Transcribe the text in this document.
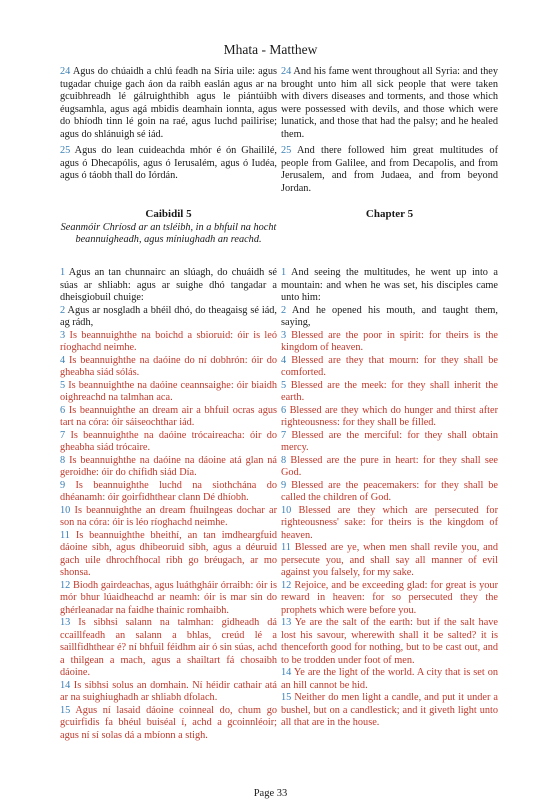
Mhata - Matthew

24 Agus do chúaidh a chlú feadh na Síria uile: agus tugadar chuige gach áon da raibh easlán agus ar na gcuibhreadh lé gálruighthibh agus le piántúibh éugsamhla, agus agá mbidis deamhain ionnta, agus do bhíodh tinn lé goin na raé, agus luchd pailirise; agus do shlánuigh sé iád.

25 Agus do lean cuideachda mhór é ón Ghaililé, agus ó Dhecapólis, agus ó Ierusalém, agus ó Iudéa, agus ó táobh thall do Iórdán.

24 And his fame went throughout all Syria: and they brought unto him all sick people that were taken with divers diseases and torments, and those which were possessed with devils, and those which were lunatick, and those that had the palsy; and he healed them.

25 And there followed him great multitudes of people from Galilee, and from Decapolis, and from Jerusalem, and from Judaea, and from beyond Jordan.

Caibidil 5
Seanmóir Chríosd ar an tsléibh, in a bhfuil na hocht beannuigheadh, agus míniughadh an reachd.
Chapter 5

1 Agus an tan chunnairc an slúagh, do chuáidh sé súas ar shliabh: agus ar suighe dhó tangadar a dheisgiobuil chuige:

2 Agus ar nosgladh a bhéil dhó, do theagaisg sé iád, ag rádh,

3 Is beannuighthe na boichd a sbioruid: óir is leó ríoghachd neimhe.

4 Is beannuighthe na daóine do ní dobhrón: óir do gheabha siád sólás.

5 Is beannuighthe na daóine ceannsaighe: óir biaidh oighreachd na talmhan aca.

6 Is beannuighthe an dream air a bhfuil ocras agus tart na córa: óir sáiseochthar iád.

7 Is beannuighthe na daóine trócaireacha: óir do gheabha siád trócaire.

8 Is beannuighthe na daóine na dáoine atá glan ná geroidhe: óir do chífidh siád Día.

9 Is beannuighthe luchd na siothchána do dhéanamh: óir goirfidhthear clann Dé dhíobh.

10 Is beannuighthe an dream fhuilngeas dochar ar son na córa: óir is léo ríoghachd neimhe.

11 Is beannuighthe bheithí, an tan imdheargfuid dáoine sibh, agus dhibeoruid sibh, agus a déuruid gach uile dhrochfhocal ribh go bréugach, ar mo shonsa.

12 Biodh gairdeachas, agus luáthgháir órraibh: óir is mór bhur lúaidheachd ar neamh: óir is mar sin do ghérleanadar na faidhe thaínic romhaibh.

13 Is sibhsi salann na talmhan: gidheadh dá ccaillfeadh an salann a bhlas, creúd lé a saillfidhthear é? ní bhfuil féidhm air ó sin súas, achd a thilgean a mach, agus a shailtart fá chosaibh dáoine.

14 Is sibhsi solus an domhain. Ní héidir cathair atá ar na suighiughadh ar shliabh dfolach.

15 Agus ní lasaid dáoine coinneal do, chum go gcuirfidis fa bhéul buiséal í, achd a gcoinnléoir; agus ní sí solas dá a mbíonn a stigh.

1 And seeing the multitudes, he went up into a mountain: and when he was set, his disciples came unto him:

2 And he opened his mouth, and taught them, saying,

3 Blessed are the poor in spirit: for theirs is the kingdom of heaven.

4 Blessed are they that mourn: for they shall be comforted.

5 Blessed are the meek: for they shall inherit the earth.

6 Blessed are they which do hunger and thirst after righteousness: for they shall be filled.

7 Blessed are the merciful: for they shall obtain mercy.

8 Blessed are the pure in heart: for they shall see God.

9 Blessed are the peacemakers: for they shall be called the children of God.

10 Blessed are they which are persecuted for righteousness' sake: for theirs is the kingdom of heaven.

11 Blessed are ye, when men shall revile you, and persecute you, and shall say all manner of evil against you falsely, for my sake.

12 Rejoice, and be exceeding glad: for great is your reward in heaven: for so persecuted they the prophets which were before you.

13 Ye are the salt of the earth: but if the salt have lost his savour, wherewith shall it be salted? it is thenceforth good for nothing, but to be cast out, and to be trodden under foot of men.

14 Ye are the light of the world. A city that is set on an hill cannot be hid.

15 Neither do men light a candle, and put it under a bushel, but on a candlestick; and it giveth light unto all that are in the house.

Page 33
